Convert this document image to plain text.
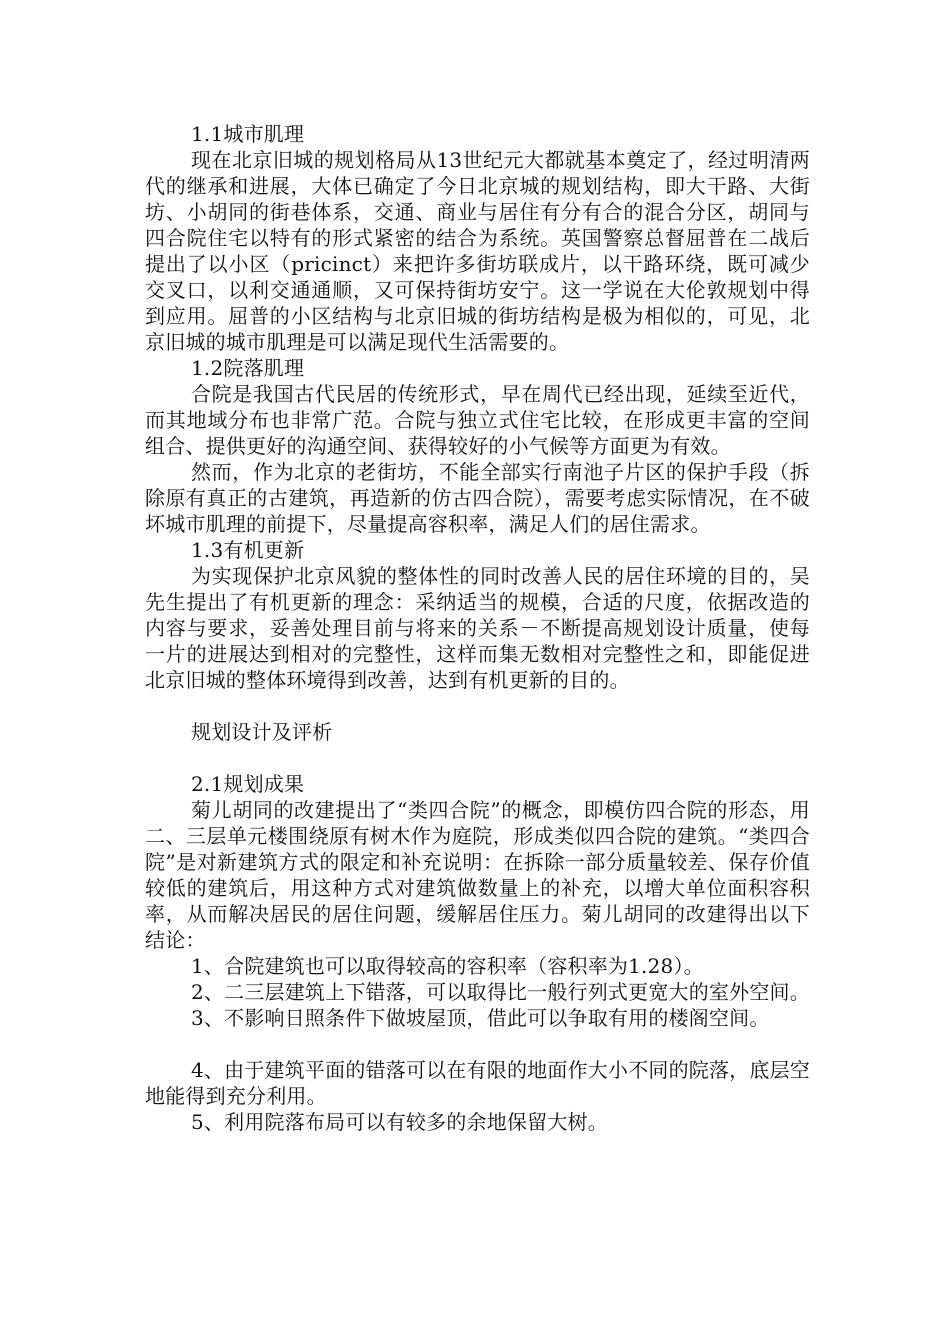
1.1城市肌理

现在北京旧城的规划格局从13世纪元大都就基本奠定了，经过明清两代的继承和进展，大体已确定了今日北京城的规划结构，即大干路、大街坊、小胡同的街巷体系，交通、商业与居住有分有合的混合分区，胡同与四合院住宅以特有的形式紧密的结合为系统。英国警察总督屈普在二战后提出了以小区（pricinct）来把许多街坊联成片，以干路环绕，既可减少交叉口，以利交通通顺，又可保持街坊安宁。这一学说在大伦敦规划中得到应用。屈普的小区结构与北京旧城的街坊结构是极为相似的，可见，北京旧城的城市肌理是可以满足现代生活需要的。

1.2院落肌理

合院是我国古代民居的传统形式，早在周代已经出现，延续至近代，而其地域分布也非常广范。合院与独立式住宅比较，在形成更丰富的空间组合、提供更好的沟通空间、获得较好的小气候等方面更为有效。

然而，作为北京的老街坊，不能全部实行南池子片区的保护手段（拆除原有真正的古建筑，再造新的仿古四合院），需要考虑实际情况，在不破坏城市肌理的前提下，尽量提高容积率，满足人们的居住需求。

1.3有机更新

为实现保护北京风貌的整体性的同时改善人民的居住环境的目的，吴先生提出了有机更新的理念：采纳适当的规模，合适的尺度，依据改造的内容与要求，妥善处理目前与将来的关系－不断提高规划设计质量，使每一片的进展达到相对的完整性，这样而集无数相对完整性之和，即能促进北京旧城的整体环境得到改善，达到有机更新的目的。

规划设计及评析

2.1规划成果

菊儿胡同的改建提出了“类四合院”的概念，即模仿四合院的形态，用二、三层单元楼围绕原有树木作为庭院，形成类似四合院的建筑。“类四合院”是对新建筑方式的限定和补充说明：在拆除一部分质量较差、保存价值较低的建筑后，用这种方式对建筑做数量上的补充，以增大单位面积容积率，从而解决居民的居住问题，缓解居住压力。菊儿胡同的改建得出以下结论：

1、合院建筑也可以取得较高的容积率（容积率为1.28）。

2、二三层建筑上下错落，可以取得比一般行列式更宽大的室外空间。

3、不影响日照条件下做坡屋顶，借此可以争取有用的楼阁空间。

4、由于建筑平面的错落可以在有限的地面作大小不同的院落，底层空地能得到充分利用。

5、利用院落布局可以有较多的余地保留大树。
